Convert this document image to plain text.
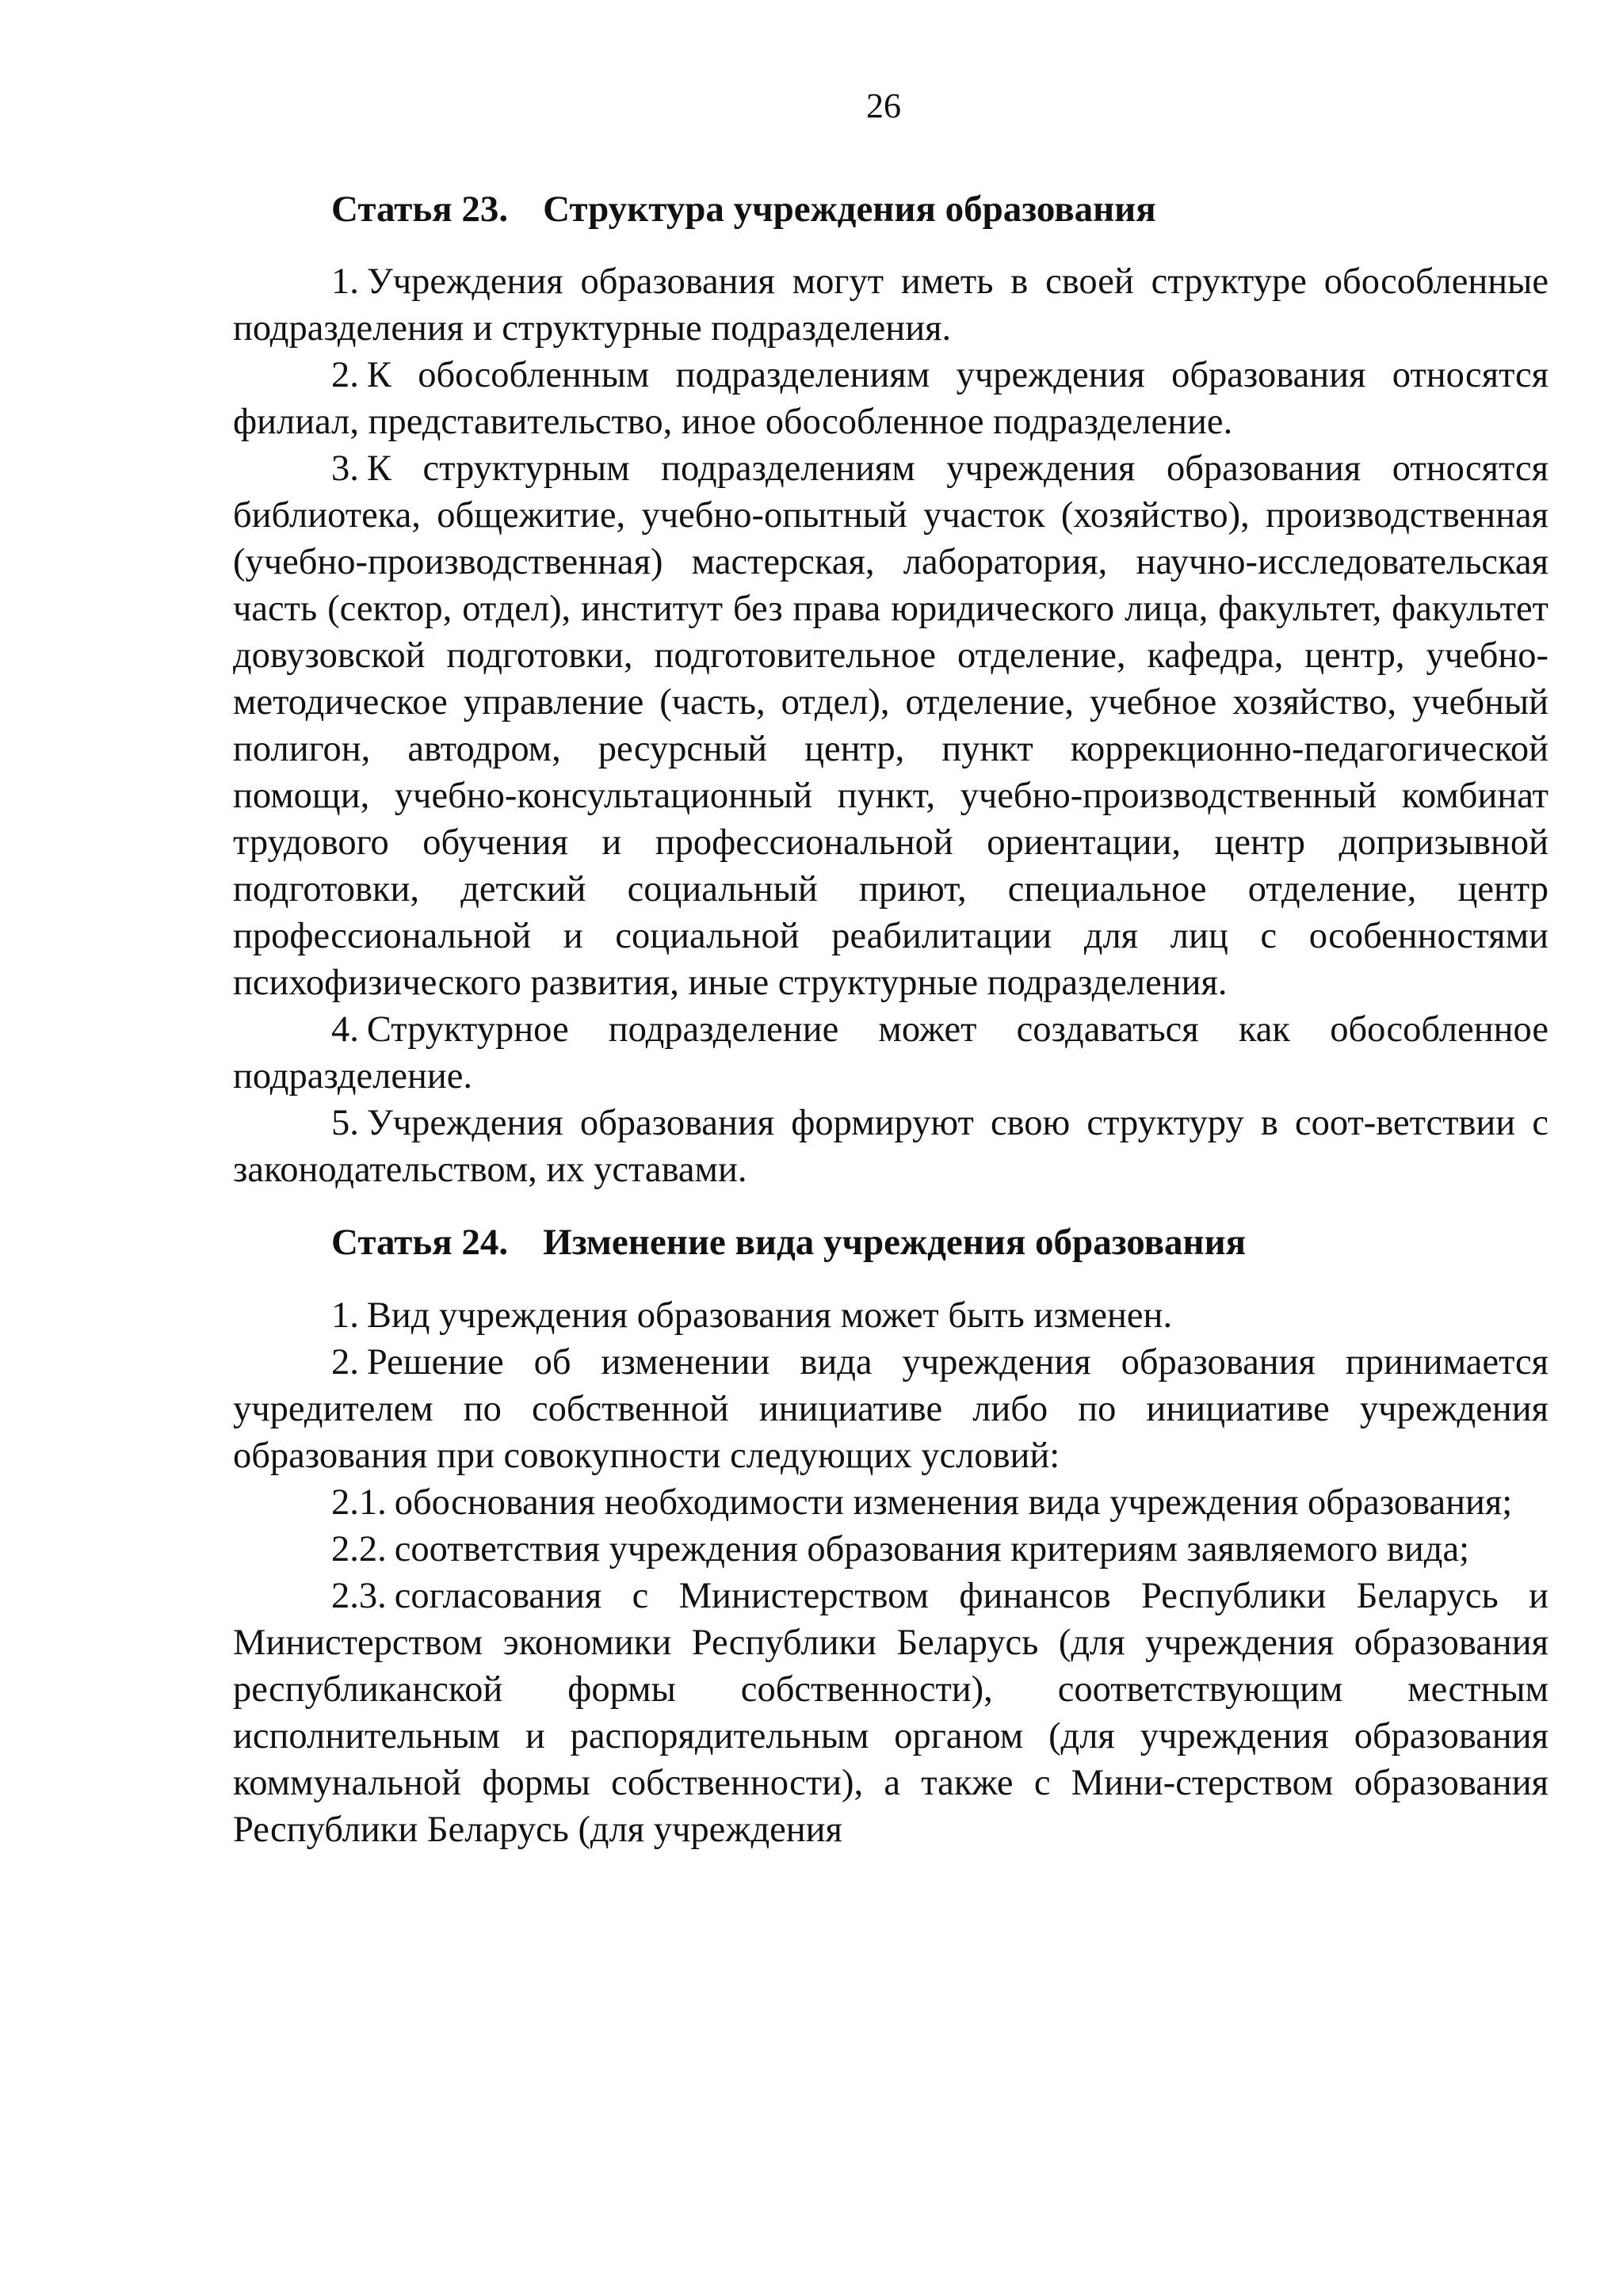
26
Статья 23. Структура учреждения образования

1. Учреждения образования могут иметь в своей структуре обособленные подразделения и структурные подразделения.

2. К обособленным подразделениям учреждения образования относятся филиал, представительство, иное обособленное подразделение.

3. К структурным подразделениям учреждения образования относятся библиотека, общежитие, учебно-опытный участок (хозяйство), производственная (учебно-производственная) мастерская, лаборатория, научно-исследовательская часть (сектор, отдел), институт без права юридического лица, факультет, факультет довузовской подготовки, подготовительное отделение, кафедра, центр, учебно-методическое управление (часть, отдел), отделение, учебное хозяйство, учебный полигон, автодром, ресурсный центр, пункт коррекционно-педагогической помощи, учебно-консультационный пункт, учебно-производственный комбинат трудового обучения и профессиональной ориентации, центр допризывной подготовки, детский социальный приют, специальное отделение, центр профессиональной и социальной реабилитации для лиц с особенностями психофизического развития, иные структурные подразделения.

4. Структурное подразделение может создаваться как обособленное подразделение.

5. Учреждения образования формируют свою структуру в соот-ветствии с законодательством, их уставами.

Статья 24. Изменение вида учреждения образования

1. Вид учреждения образования может быть изменен.

2. Решение об изменении вида учреждения образования принимается учредителем по собственной инициативе либо по инициативе учреждения образования при совокупности следующих условий:

2.1. обоснования необходимости изменения вида учреждения образования;

2.2. соответствия учреждения образования критериям заявляемого вида;

2.3. согласования с Министерством финансов Республики Беларусь и Министерством экономики Республики Беларусь (для учреждения образования республиканской формы собственности), соответствующим местным исполнительным и распорядительным органом (для учреждения образования коммунальной формы собственности), а также с Мини-стерством образования Республики Беларусь (для учреждения
